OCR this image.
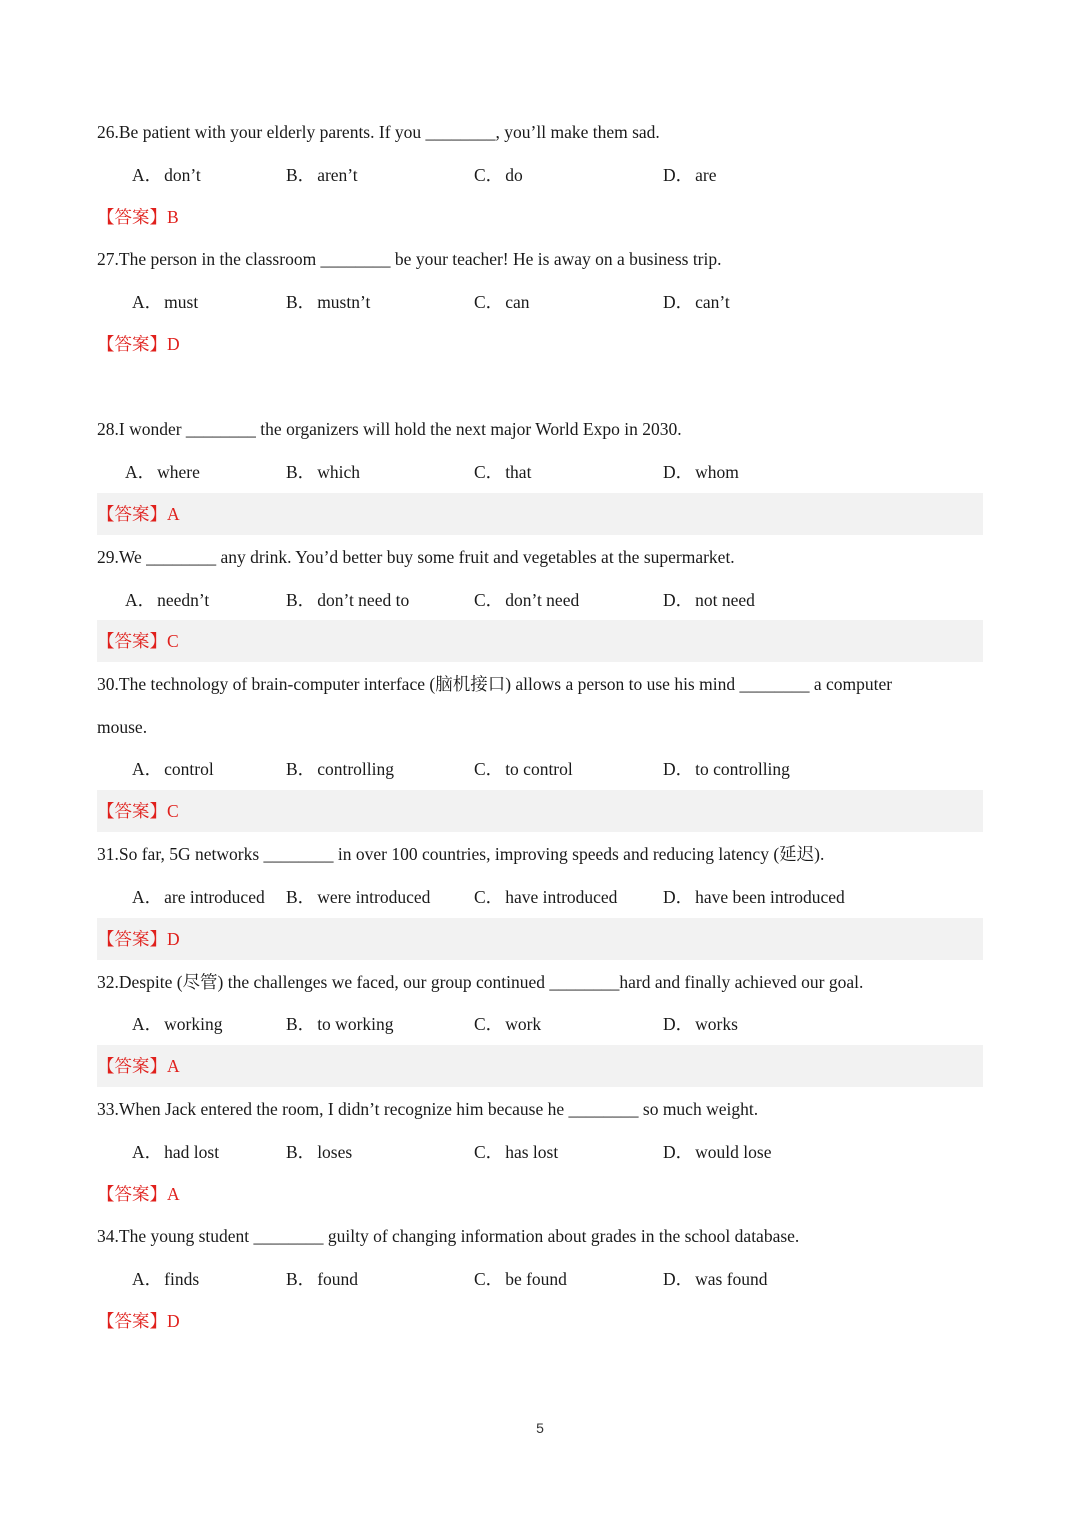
26.Be patient with your elderly parents. If you ________, you’ll make them sad.
A． don’t	B． aren’t	C． do	D． are
【答案】B
27.The person in the classroom ________ be your teacher! He is away on a business trip.
A． must	B． mustn’t	C． can	D． can’t
【答案】D
28.I wonder ________ the organizers will hold the next major World Expo in 2030.
A． where	B． which	C． that	D． whom
【答案】A
29.We ________ any drink. You’d better buy some fruit and vegetables at the supermarket.
A． needn’t	B． don’t need to	C． don’t need	D． not need
【答案】C
30.The technology of brain-computer interface (脑机接口) allows a person to use his mind ________ a computer
mouse.
A． control	B． controlling	C． to control	D． to controlling
【答案】C
31.So far, 5G networks ________ in over 100 countries, improving speeds and reducing latency (延迟).
A． are introduced B． were introduced C． have introduced	D． have been introduced
【答案】D
32.Despite (尽管) the challenges we faced, our group continued ________hard and finally achieved our goal.
A． working	B． to working	C． work	D． works
【答案】A
33.When Jack entered the room, I didn’t recognize him because he ________ so much weight.
A． had lost	B． loses	C． has lost	D． would lose
【答案】A
34.The young student ________ guilty of changing information about grades in the school database.
A． finds	B． found	C． be found	D． was found
【答案】D
5
